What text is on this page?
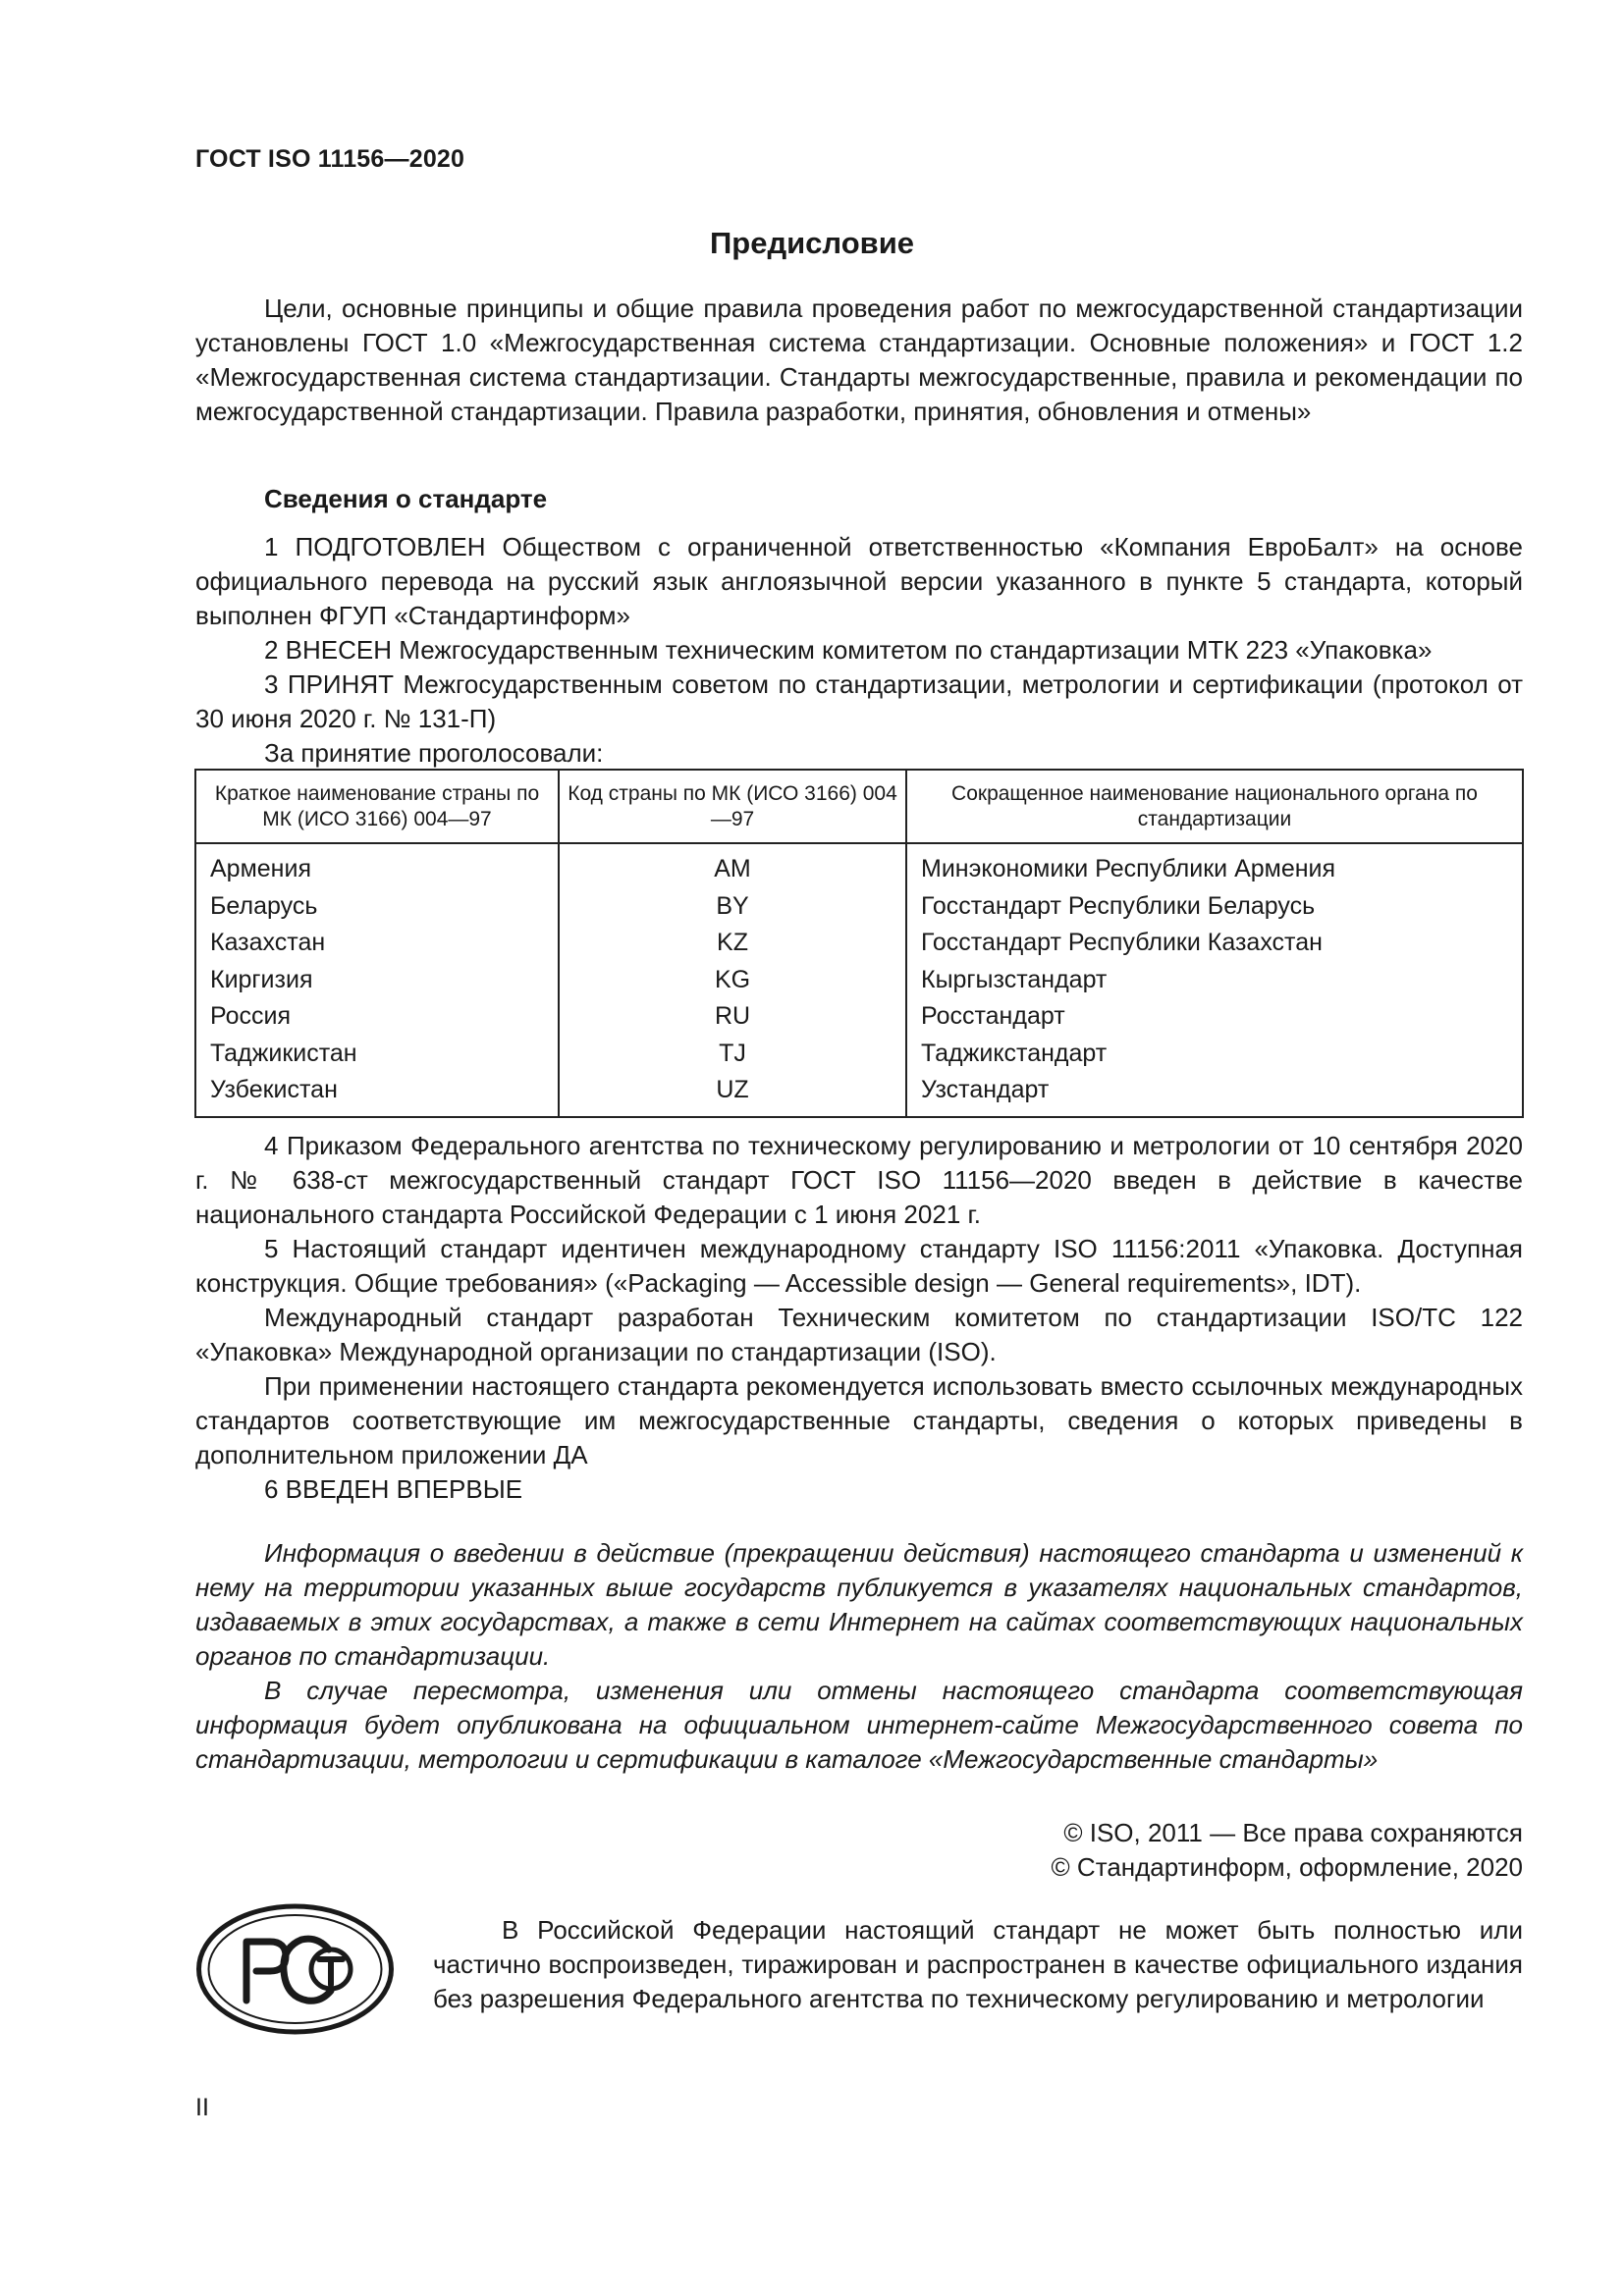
ГОСТ ISO 11156—2020
Предисловие

Цели, основные принципы и общие правила проведения работ по межгосударственной стандартизации установлены ГОСТ 1.0 «Межгосударственная система стандартизации. Основные положения» и ГОСТ 1.2 «Межгосударственная система стандартизации. Стандарты межгосударственные, правила и рекомендации по межгосударственной стандартизации. Правила разработки, принятия, обновления и отмены»

Сведения о стандарте

1 ПОДГОТОВЛЕН Обществом с ограниченной ответственностью «Компания ЕвроБалт» на основе официального перевода на русский язык англоязычной версии указанного в пункте 5 стандарта, который выполнен ФГУП «Стандартинформ»

2 ВНЕСЕН Межгосударственным техническим комитетом по стандартизации МТК 223 «Упаковка»

3 ПРИНЯТ Межгосударственным советом по стандартизации, метрологии и сертификации (протокол от 30 июня 2020 г. № 131-П)

За принятие проголосовали:

Краткое наименование страны по МК (ИСО 3166) 004—97	Код страны по МК (ИСО 3166) 004—97	Сокращенное наименование национального органа по стандартизации
Армения	AM	Минэкономики Республики Армения
Беларусь	BY	Госстандарт Республики Беларусь
Казахстан	KZ	Госстандарт Республики Казахстан
Киргизия	KG	Кыргызстандарт
Россия	RU	Росстандарт
Таджикистан	TJ	Таджикстандарт
Узбекистан	UZ	Узстандарт

4 Приказом Федерального агентства по техническому регулированию и метрологии от 10 сентября 2020 г. № 638-ст межгосударственный стандарт ГОСТ ISO 11156—2020 введен в действие в качестве национального стандарта Российской Федерации с 1 июня 2021 г.

5 Настоящий стандарт идентичен международному стандарту ISO 11156:2011 «Упаковка. Доступная конструкция. Общие требования» («Packaging — Accessible design — General requirements», IDT).

Международный стандарт разработан Техническим комитетом по стандартизации ISO/TC 122 «Упаковка» Международной организации по стандартизации (ISO).

При применении настоящего стандарта рекомендуется использовать вместо ссылочных международных стандартов соответствующие им межгосударственные стандарты, сведения о которых приведены в дополнительном приложении ДА

6 ВВЕДЕН ВПЕРВЫЕ

Информация о введении в действие (прекращении действия) настоящего стандарта и изменений к нему на территории указанных выше государств публикуется в указателях национальных стандартов, издаваемых в этих государствах, а также в сети Интернет на сайтах соответствующих национальных органов по стандартизации.

В случае пересмотра, изменения или отмены настоящего стандарта соответствующая информация будет опубликована на официальном интернет-сайте Межгосударственного совета по стандартизации, метрологии и сертификации в каталоге «Межгосударственные стандарты»

© ISO, 2011 — Все права сохраняются
© Стандартинформ, оформление, 2020

В Российской Федерации настоящий стандарт не может быть полностью или частично воспроизведен, тиражирован и распространен в качестве официального издания без разрешения Федерального агентства по техническому регулированию и метрологии

II
